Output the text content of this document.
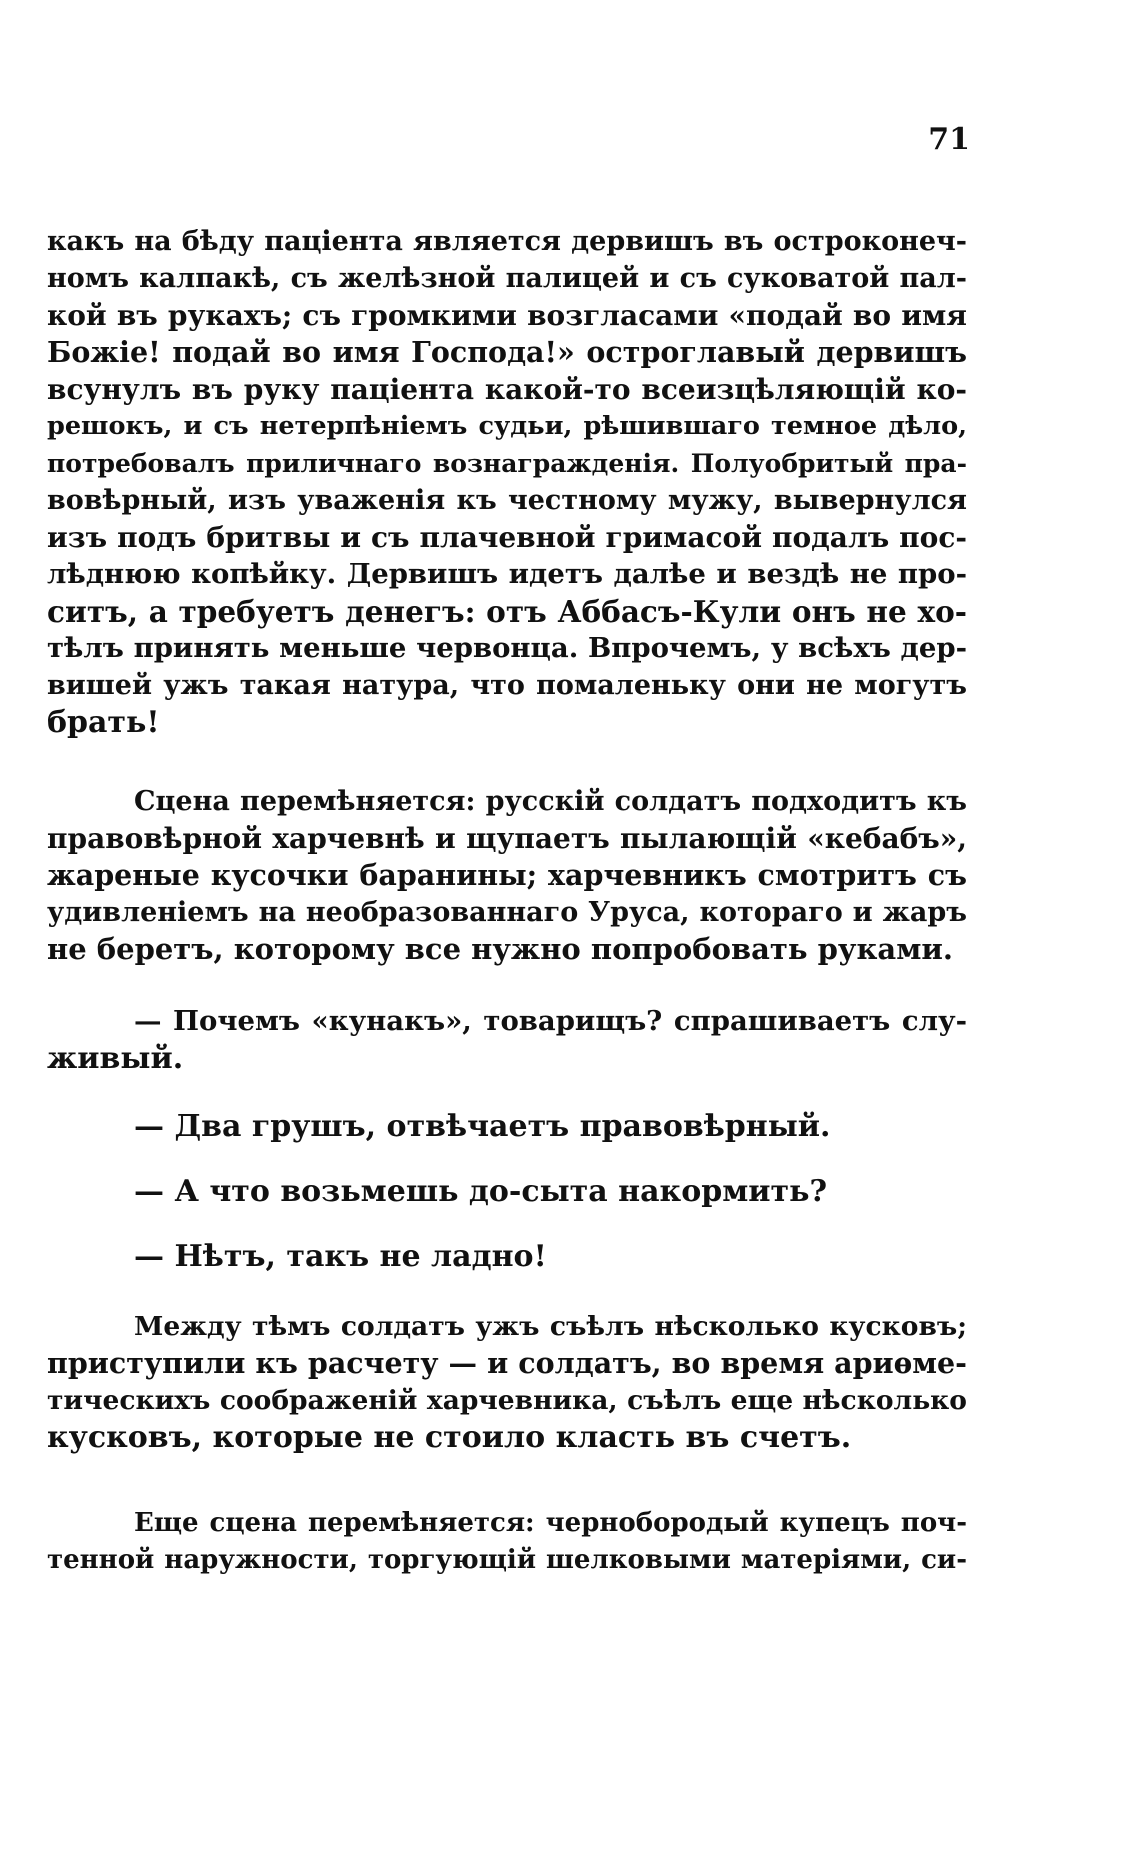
71
какъ на бѣду паціента является дервишъ въ остроконеч-
номъ калпакѣ, съ желѣзной палицей и съ суковатой пал-
кой въ рукахъ; съ громкими возгласами «подай во имя
Божіе! подай во имя Господа!» остроглавый дервишъ
всунулъ въ руку паціента какой-то всеизцѣляющій ко-
решокъ, и съ нетерпѣніемъ судьи, рѣшившаго темное дѣло,
потребовалъ приличнаго вознагражденія. Полуобритый пра-
вовѣрный, изъ уваженія къ честному мужу, вывернулся
изъ подъ бритвы и съ плачевной гримасой подалъ пос-
лѣднюю копѣйку. Дервишъ идетъ далѣе и вездѣ не про-
ситъ, а требуетъ денегъ: отъ Аббасъ-Кули онъ не хо-
тѣлъ принять меньше червонца. Впрочемъ, у всѣхъ дер-
вишей ужъ такая натура, что помаленьку они не могутъ
брать!
Сцена перемѣняется: русскій солдатъ подходитъ къ
правовѣрной харчевнѣ и щупаетъ пылающій «кебабъ»,
жареные кусочки баранины; харчевникъ смотритъ съ
удивленіемъ на необразованнаго Уруса, котораго и жаръ
не беретъ, которому все нужно попробовать руками.
— Почемъ «кунакъ», товарищъ? спрашиваетъ слу-
живый.
— Два грушъ, отвѣчаетъ правовѣрный.
— А что возьмешь до-сыта накормить?
— Нѣтъ, такъ не ладно!
Между тѣмъ солдатъ ужъ съѣлъ нѣсколько кусковъ;
приступили къ расчету — и солдатъ, во время ариѳме-
тическихъ соображеній харчевника, съѣлъ еще нѣсколько
кусковъ, которые не стоило класть въ счетъ.
Еще сцена перемѣняется: чернобородый купецъ поч-
тенной наружности, торгующій шелковыми матеріями, си-
